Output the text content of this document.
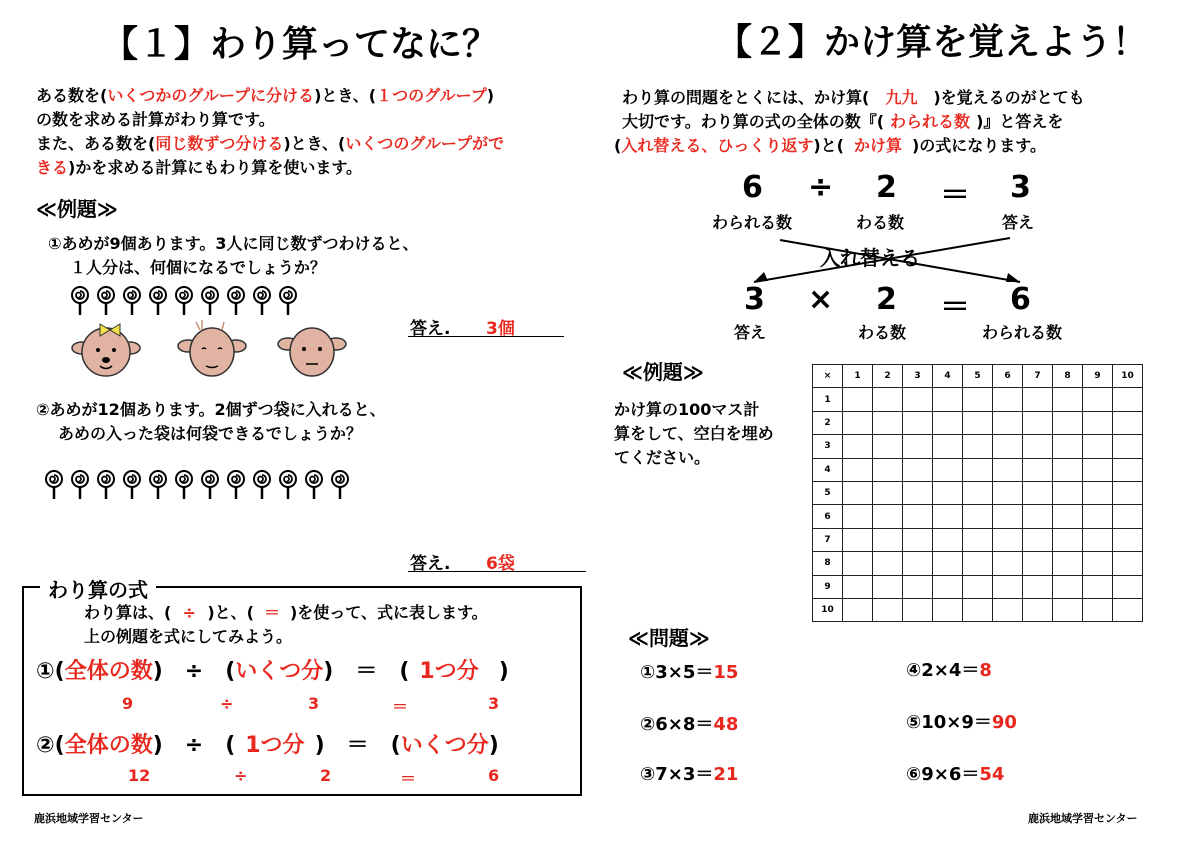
【１】わり算ってなに？
ある数を(いくつかのグループに分ける)とき、(１つのグループ)
の数を求める計算がわり算です。
また、ある数を(同じ数ずつ分ける)とき、(いくつのグループがで
きる)かを求める計算にもわり算を使います。
≪例題≫
①あめが9個あります。3人に同じ数ずつわけると、
１人分は、何個になるでしょうか？
答え. 3個
②あめが12個あります。2個ずつ袋に入れると、
あめの入った袋は何袋できるでしょうか？
答え. 6袋
わり算の式
わり算は、( ÷ )と、( ＝ )を使って、式に表します。
上の例題を式にしてみよう。
①(全体の数)　÷　(いくつ分)　＝　( 1つ分 )
9	÷	3	＝	3
②(全体の数)　÷　( 1つ分 )　＝　(いくつ分)
12	÷	2	＝	6
鹿浜地域学習センター
【２】かけ算を覚えよう！
わり算の問題をとくには、かけ算( 九九 )を覚えるのがとても
大切です。わり算の式の全体の数『( わられる数 )』と答えを
(入れ替える、ひっくり返す)と( かけ算 )の式になります。
6 ÷ 2 ＝ 3
わられる数	わる数	答え
入れ替える
3 × 2 ＝ 6
答え	わる数	わられる数
≪例題≫
かけ算の100マス計
算をして、空白を埋め
てください。
×	1	2	3	4	5	6	7	8	9	10
1										
2										
3										
4										
5										
6										
7										
8										
9										
10										
≪問題≫
①3×5＝15
②6×8＝48
③7×3＝21
④2×4＝8
⑤10×9＝90
⑥9×6＝54
鹿浜地域学習センター
